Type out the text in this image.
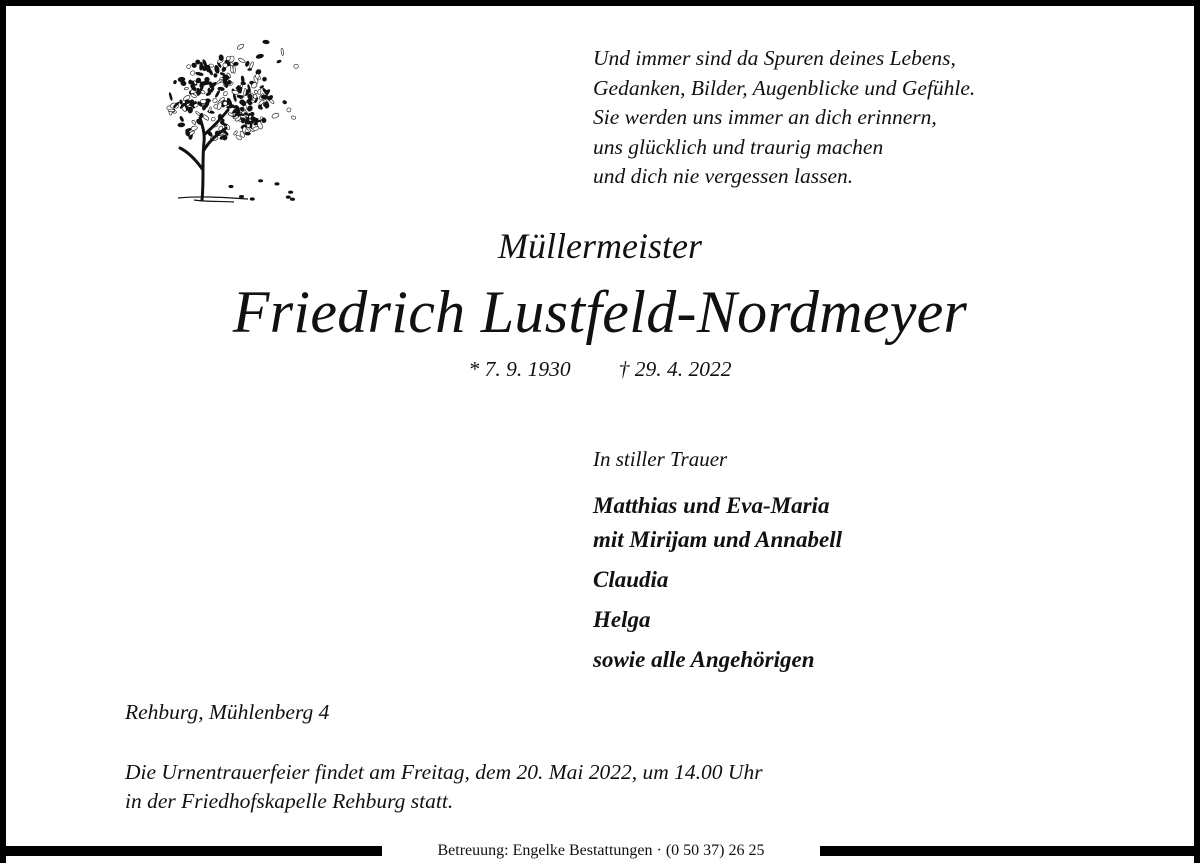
Und immer sind da Spuren deines Lebens,
Gedanken, Bilder, Augenblicke und Gefühle.
Sie werden uns immer an dich erinnern,
uns glücklich und traurig machen
und dich nie vergessen lassen.
Müllermeister
Friedrich Lustfeld-Nordmeyer
* 7. 9. 1930 † 29. 4. 2022
In stiller Trauer
Matthias und Eva-Maria
mit Mirijam und Annabell
Claudia
Helga
sowie alle Angehörigen
Rehburg, Mühlenberg 4
Die Urnentrauerfeier findet am Freitag, dem 20. Mai 2022, um 14.00 Uhr
in der Friedhofskapelle Rehburg statt.
Betreuung: Engelke Bestattungen · (0 50 37) 26 25
